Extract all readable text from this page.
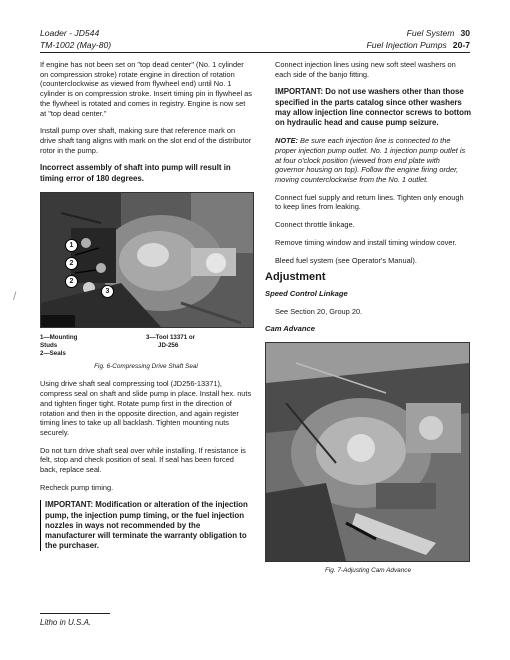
Loader - JD544
TM-1002 (May-80)
Fuel System 30
Fuel Injection Pumps 20-7
/

If engine has not been set on "top dead center" (No. 1 cylinder on compression stroke) rotate engine in direction of rotation (counterclockwise as viewed from flywheel end) until No. 1 cylinder is on compression stroke. Insert timing pin in flywheel as the flywheel is rotated and comes in registry. Engine is now set at "top dead center."

Install pump over shaft, making sure that reference mark on drive shaft tang aligns with mark on the slot end of the distributor rotor in the pump.

Incorrect assembly of shaft into pump will result in timing error of 180 degrees.

1
2
2
3
1—Mounting Studs
2—Seals
3—Tool 13371 or
JD-256

Fig. 6-Compressing Drive Shaft Seal

Using drive shaft seal compressing tool (JD256-13371), compress seal on shaft and slide pump in place. Install hex. nuts and tighten finger tight. Rotate pump first in the direction of rotation and then in the opposite direction, and again register timing lines to take up all backlash. Tighten mounting nuts securely.

Do not turn drive shaft seal over while installing. If resistance is felt, stop and check position of seal. If seal has been forced back, replace seal.

Recheck pump timing.

IMPORTANT: Modification or alteration of the injection pump, the injection pump timing, or the fuel injection nozzles in ways not recommended by the manufacturer will terminate the warranty obligation to the purchaser.

Connect injection lines using new soft steel washers on each side of the banjo fitting.

IMPORTANT: Do not use washers other than those specified in the parts catalog since other washers may allow injection line connector screws to bottom on hydraulic head and cause pump seizure.

NOTE: Be sure each injection line is connected to the proper injection pump outlet. No. 1 injection pump outlet is at four o'clock position (viewed from end plate with governor housing on top). Follow the engine firing order, moving counterclockwise from the No. 1 outlet.

Connect fuel supply and return lines. Tighten only enough to keep lines from leaking.

Connect throttle linkage.

Remove timing window and install timing window cover.

Bleed fuel system (see Operator's Manual).

Adjustment

Speed Control Linkage

See Section 20, Group 20.

Cam Advance

Fig. 7-Adjusting Cam Advance

Litho in U.S.A.
